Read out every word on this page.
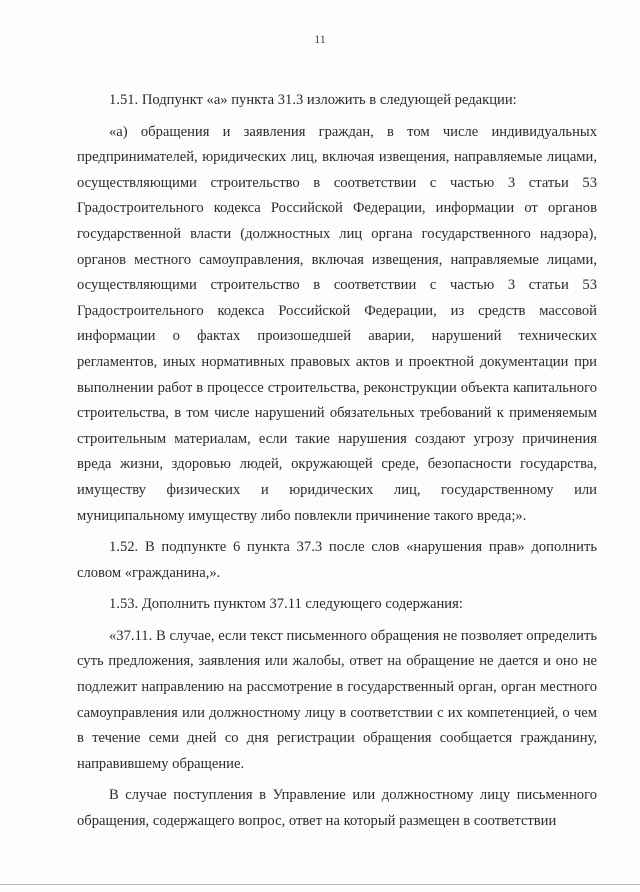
11

1.51. Подпункт «а» пункта 31.3 изложить в следующей редакции:

«а) обращения и заявления граждан, в том числе индивидуальных предпринимателей, юридических лиц, включая извещения, направляемые лицами, осуществляющими строительство в соответствии с частью 3 статьи 53 Градостроительного кодекса Российской Федерации, информации от органов государственной власти (должностных лиц органа государственного надзора), органов местного самоуправления, включая извещения, направляемые лицами, осуществляющими строительство в соответствии с частью 3 статьи 53 Градостроительного кодекса Российской Федерации, из средств массовой информации о фактах произошедшей аварии, нарушений технических регламентов, иных нормативных правовых актов и проектной документации при выполнении работ в процессе строительства, реконструкции объекта капитального строительства, в том числе нарушений обязательных требований к применяемым строительным материалам, если такие нарушения создают угрозу причинения вреда жизни, здоровью людей, окружающей среде, безопасности государства, имуществу физических и юридических лиц, государственному или муниципальному имуществу либо повлекли причинение такого вреда;».

1.52. В подпункте 6 пункта 37.3 после слов «нарушения прав» дополнить словом «гражданина,».

1.53. Дополнить пунктом 37.11 следующего содержания:

«37.11. В случае, если текст письменного обращения не позволяет определить суть предложения, заявления или жалобы, ответ на обращение не дается и оно не подлежит направлению на рассмотрение в государственный орган, орган местного самоуправления или должностному лицу в соответствии с их компетенцией, о чем в течение семи дней со дня регистрации обращения сообщается гражданину, направившему обращение.

В случае поступления в Управление или должностному лицу письменного обращения, содержащего вопрос, ответ на который размещен в соответствии
